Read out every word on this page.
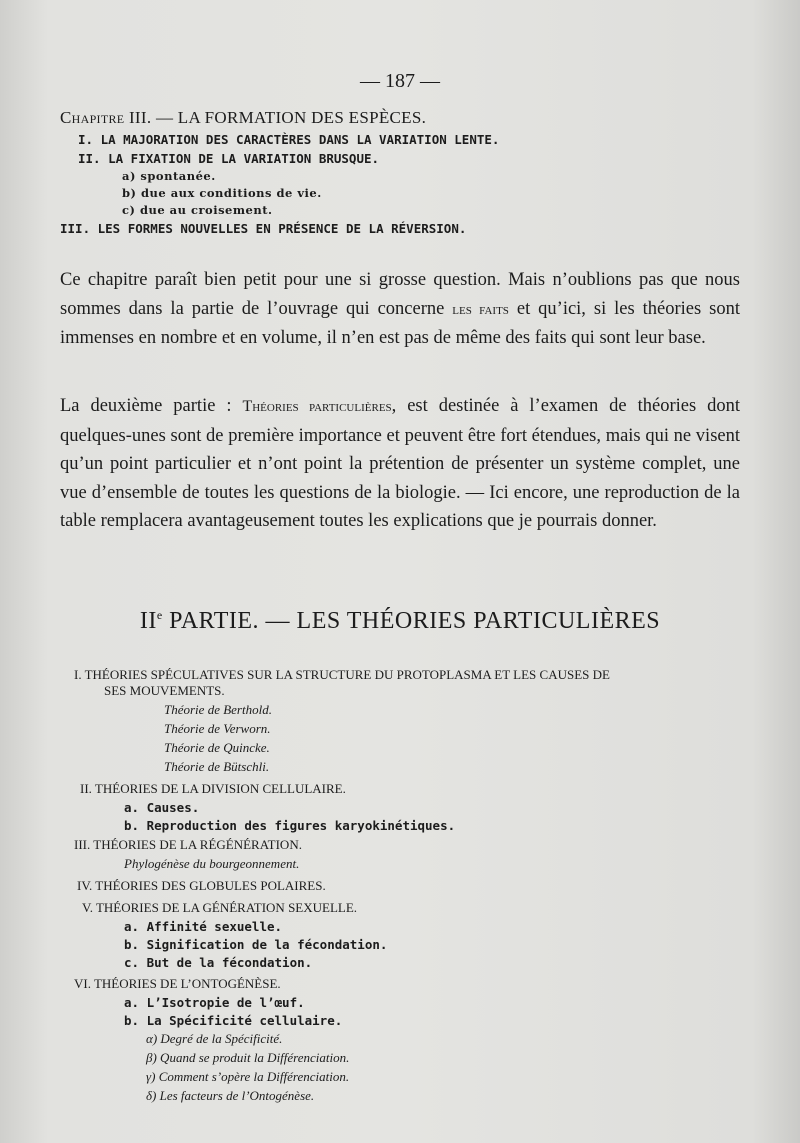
— 187 —
Chapitre III. — LA FORMATION DES ESPÈCES.
I. LA MAJORATION DES CARACTÈRES DANS LA VARIATION LENTE.
II. LA FIXATION DE LA VARIATION BRUSQUE.
a) spontanée.
b) due aux conditions de vie.
c) due au croisement.
III. LES FORMES NOUVELLES EN PRÉSENCE DE LA RÉVERSION.
Ce chapitre paraît bien petit pour une si grosse question. Mais n’oublions pas que nous sommes dans la partie de l’ouvrage qui concerne les faits et qu’ici, si les théories sont immenses en nombre et en volume, il n’en est pas de même des faits qui sont leur base.
La deuxième partie : Théories particulières, est destinée à l’examen de théories dont quelques-unes sont de première importance et peuvent être fort étendues, mais qui ne visent qu’un point particulier et n’ont point la prétention de présenter un système complet, une vue d’ensemble de toutes les questions de la biologie. — Ici encore, une reproduction de la table remplacera avantageusement toutes les explications que je pourrais donner.
IIe PARTIE. — LES THÉORIES PARTICULIÈRES
I. THÉORIES SPÉCULATIVES SUR LA STRUCTURE DU PROTOPLASMA ET LES CAUSES DE
SES MOUVEMENTS.
Théorie de Berthold.
Théorie de Verworn.
Théorie de Quincke.
Théorie de Bütschli.
II. THÉORIES DE LA DIVISION CELLULAIRE.
a. Causes.
b. Reproduction des figures karyokinétiques.
III. THÉORIES DE LA RÉGÉNÉRATION.
Phylogénèse du bourgeonnement.
IV. THÉORIES DES GLOBULES POLAIRES.
V. THÉORIES DE LA GÉNÉRATION SEXUELLE.
a. Affinité sexuelle.
b. Signification de la fécondation.
c. But de la fécondation.
VI. THÉORIES DE L’ONTOGÉNÈSE.
a. L’Isotropie de l’œuf.
b. La Spécificité cellulaire.
α) Degré de la Spécificité.
β) Quand se produit la Différenciation.
γ) Comment s’opère la Différenciation.
δ) Les facteurs de l’Ontogénèse.
